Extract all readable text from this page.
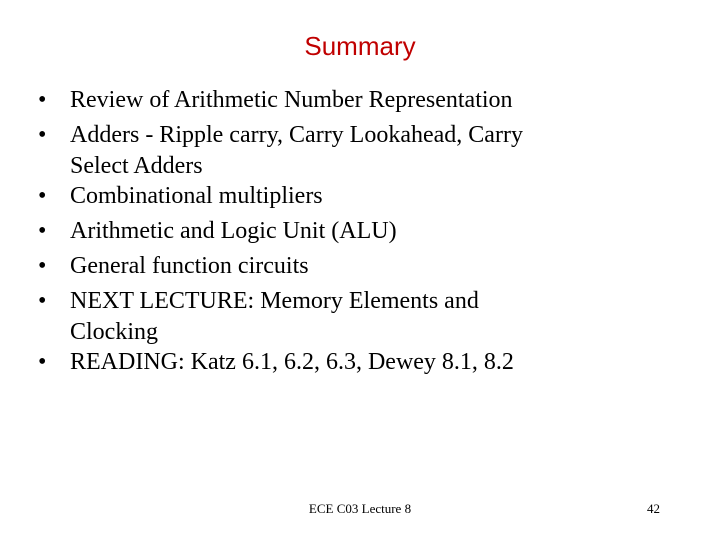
Summary
• Review of Arithmetic Number Representation
• Adders - Ripple carry, Carry Lookahead, Carry
Select Adders
• Combinational multipliers
• Arithmetic and Logic Unit (ALU)
• General function circuits
• NEXT LECTURE: Memory Elements and
Clocking
• READING: Katz 6.1, 6.2, 6.3, Dewey 8.1, 8.2
ECE C03 Lecture 8	42
